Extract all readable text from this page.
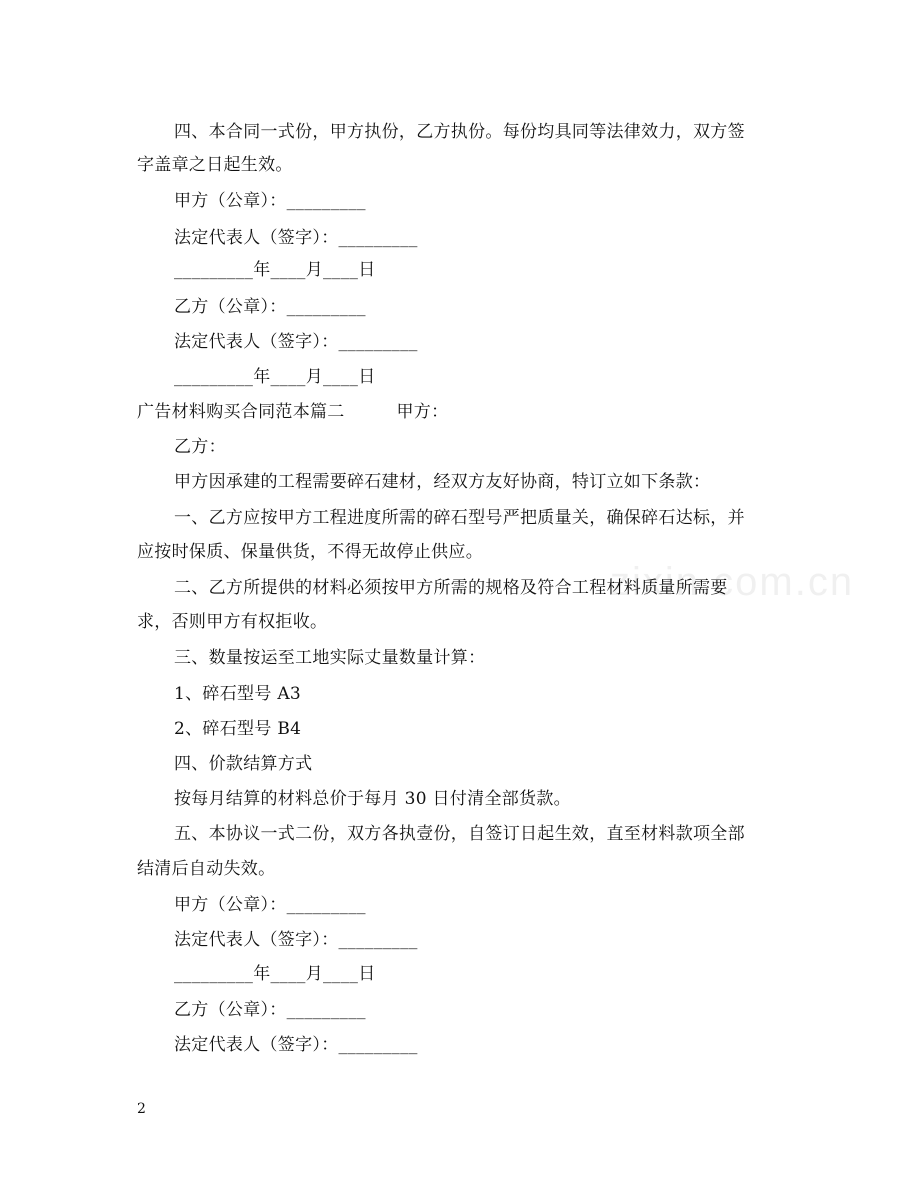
四、本合同一式份，甲方执份，乙方执份。每份均具同等法律效力，双方签
字盖章之日起生效。
甲方（公章）：_________
法定代表人（签字）：_________
_________年____月____日
乙方（公章）：_________
法定代表人（签字）：_________
_________年____月____日
广告材料购买合同范本篇二　　　甲方：
乙方：
甲方因承建的工程需要碎石建材，经双方友好协商，特订立如下条款：
一、乙方应按甲方工程进度所需的碎石型号严把质量关，确保碎石达标，并
应按时保质、保量供货，不得无故停止供应。
二、乙方所提供的材料必须按甲方所需的规格及符合工程材料质量所需要
求，否则甲方有权拒收。
三、数量按运至工地实际丈量数量计算：
1、碎石型号 A3
2、碎石型号 B4
四、价款结算方式
按每月结算的材料总价于每月 30 日付清全部货款。
五、本协议一式二份，双方各执壹份，自签订日起生效，直至材料款项全部
结清后自动失效。
甲方（公章）：_________
法定代表人（签字）：_________
_________年____月____日
乙方（公章）：_________
法定代表人（签字）：_________
zixin.com.cn
2
